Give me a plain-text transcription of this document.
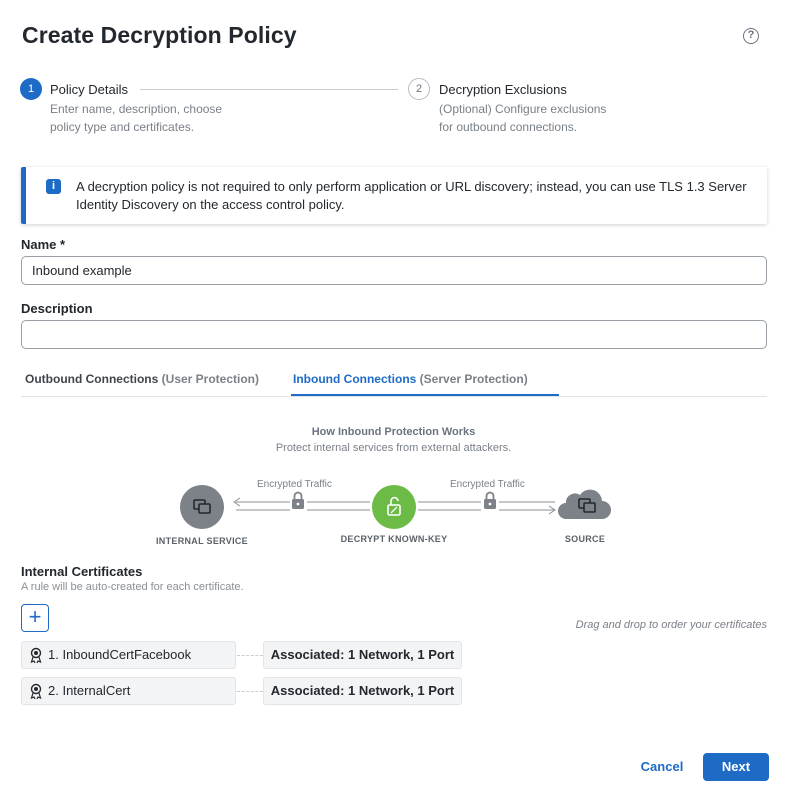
Create Decryption Policy	?
1	Policy Details
Enter name, description, choose
policy type and certificates.
2	Decryption Exclusions
(Optional) Configure exclusions
for outbound connections.
i	A decryption policy is not required to only perform application or URL discovery; instead, you can use TLS 1.3 Server Identity Discovery on the access control policy.
Name *
Inbound example
Description
Outbound Connections (User Protection)	Inbound Connections (Server Protection)
How Inbound Protection Works
Protect internal services from external attackers.
Encrypted Traffic	Encrypted Traffic
INTERNAL SERVICE	DECRYPT KNOWN-KEY	SOURCE
Internal Certificates
A rule will be auto-created for each certificate.
+	Drag and drop to order your certificates
1. InboundCertFacebook	Associated: 1 Network, 1 Port
2. InternalCert	Associated: 1 Network, 1 Port
Cancel	Next
